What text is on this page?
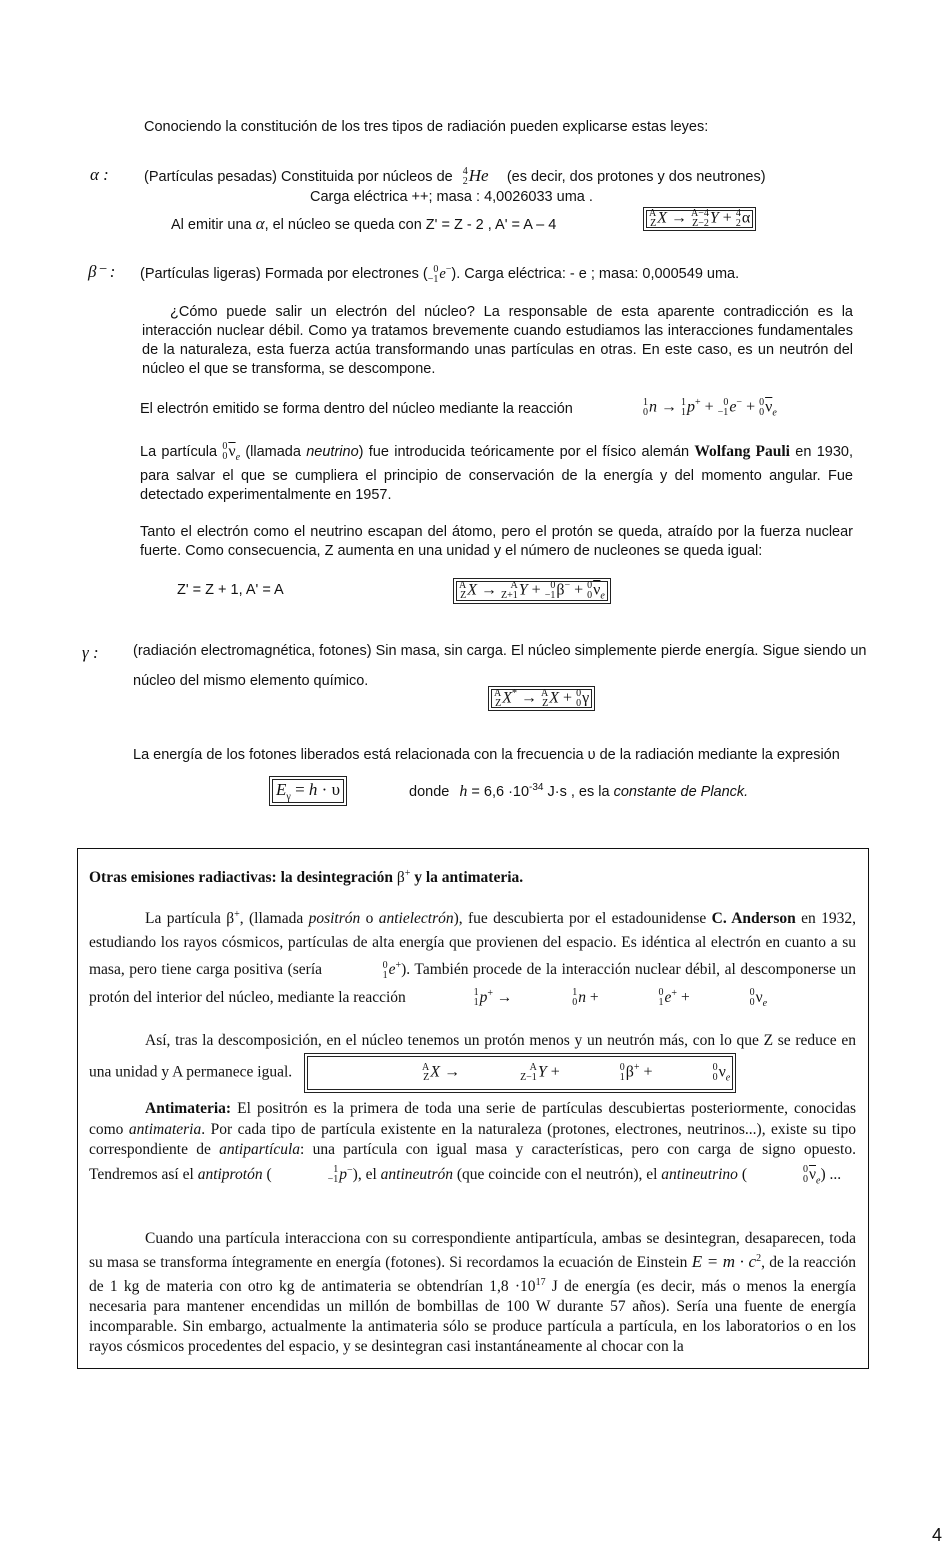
Conociendo la constitución de los tres tipos de radiación pueden explicarse estas leyes:
α : (Partículas pesadas) Constituida por núcleos de 4
2 He (es decir, dos protones y dos neutrones)
Carga eléctrica ++; masa : 4,0026033 uma .
Al emitir una α, el núcleo se queda con Z' = Z - 2 , A' = A – 4
A
Z X → A−4
Z−2 Y + 4
2 α
β⁻ : (Partículas ligeras) Formada por electrones ( 0
−1 e−). Carga eléctrica: - e ; masa: 0,000549 uma.
¿Cómo puede salir un electrón del núcleo? La responsable de esta aparente contradicción es la interacción nuclear débil. Como ya tratamos brevemente cuando estudiamos las interacciones fundamentales de la naturaleza, esta fuerza actúa transformando unas partículas en otras. En este caso, es un neutrón del núcleo el que se transforma, se descompone.
El electrón emitido se forma dentro del núcleo mediante la reacción	1
0 n → 1
1 p+ + 0
−1 e− + 0
0 $\overline{\nu}_e$
La partícula 0
0 $\overline{\nu}_e$ (llamada neutrino) fue introducida teóricamente por el físico alemán Wolfang Pauli en 1930, para salvar el que se cumpliera el principio de conservación de la energía y del momento angular. Fue detectado experimentalmente en 1957.
Tanto el electrón como el neutrino escapan del átomo, pero el protón se queda, atraído por la fuerza nuclear fuerte. Como consecuencia, Z aumenta en una unidad y el número de nucleones se queda igual:
Z' = Z + 1, A' = A	A
Z X → A
Z+1 Y + 0
−1 β− + 0
0 $\overline{\nu}_e$
γ : (radiación electromagnética, fotones) Sin masa, sin carga. El núcleo simplemente pierde energía. Sigue siendo un
núcleo del mismo elemento químico.
A
Z X* → A
Z X + 0
0 γ
La energía de los fotones liberados está relacionada con la frecuencia υ de la radiación mediante la expresión
$E_\gamma = h \cdot \upsilon$	donde $h = 6,6 \cdot 10^{-34}$ J·s , es la constante de Planck.
Otras emisiones radiactivas: la desintegración β+ y la antimateria.
La partícula β+, (llamada positrón o antielectrón), fue descubierta por el estadounidense C. Anderson en 1932, estudiando los rayos cósmicos, partículas de alta energía que provienen del espacio. Es idéntica al electrón en cuanto a su masa, pero tiene carga positiva (sería	0
1 e+). También procede de la interacción nuclear débil, al descomponerse un protón del interior del núcleo, mediante la reacción	1
1 p+ →	1
0 n +	0
1 e+ +	0
0 $\nu_e$
Así, tras la descomposición, en el núcleo tenemos un protón menos y un neutrón más, con lo que Z se reduce en una unidad y A permanece igual.	A
Z X →	A
Z−1 Y +	0
1 β+ +	0
0 $\nu_e$
Antimateria: El positrón es la primera de toda una serie de partículas descubiertas posteriormente, conocidas como antimateria. Por cada tipo de partícula existente en la naturaleza (protones, electrones, neutrinos...), existe su tipo correspondiente de antipartícula: una partícula con igual masa y características, pero con carga de signo opuesto. Tendremos así el antiprotón (	1
−1 p−), el antineutrón (que coincide con el neutrón), el antineutrino (	0
0 $\overline{\nu}_e$) ...
Cuando una partícula interacciona con su correspondiente antipartícula, ambas se desintegran, desaparecen, toda su masa se transforma íntegramente en energía (fotones). Si recordamos la ecuación de Einstein $E = m \cdot c^2$, de la reacción de 1 kg de materia con otro kg de antimateria se obtendrían $1,8 \cdot 10^{17}$ J de energía (es decir, más o menos la energía necesaria para mantener encendidas un millón de bombillas de 100 W durante 57 años). Sería una fuente de energía incomparable. Sin embargo, actualmente la antimateria sólo se produce partícula a partícula, en los laboratorios o en los rayos cósmicos procedentes del espacio, y se desintegran casi instantáneamente al chocar con la
4
